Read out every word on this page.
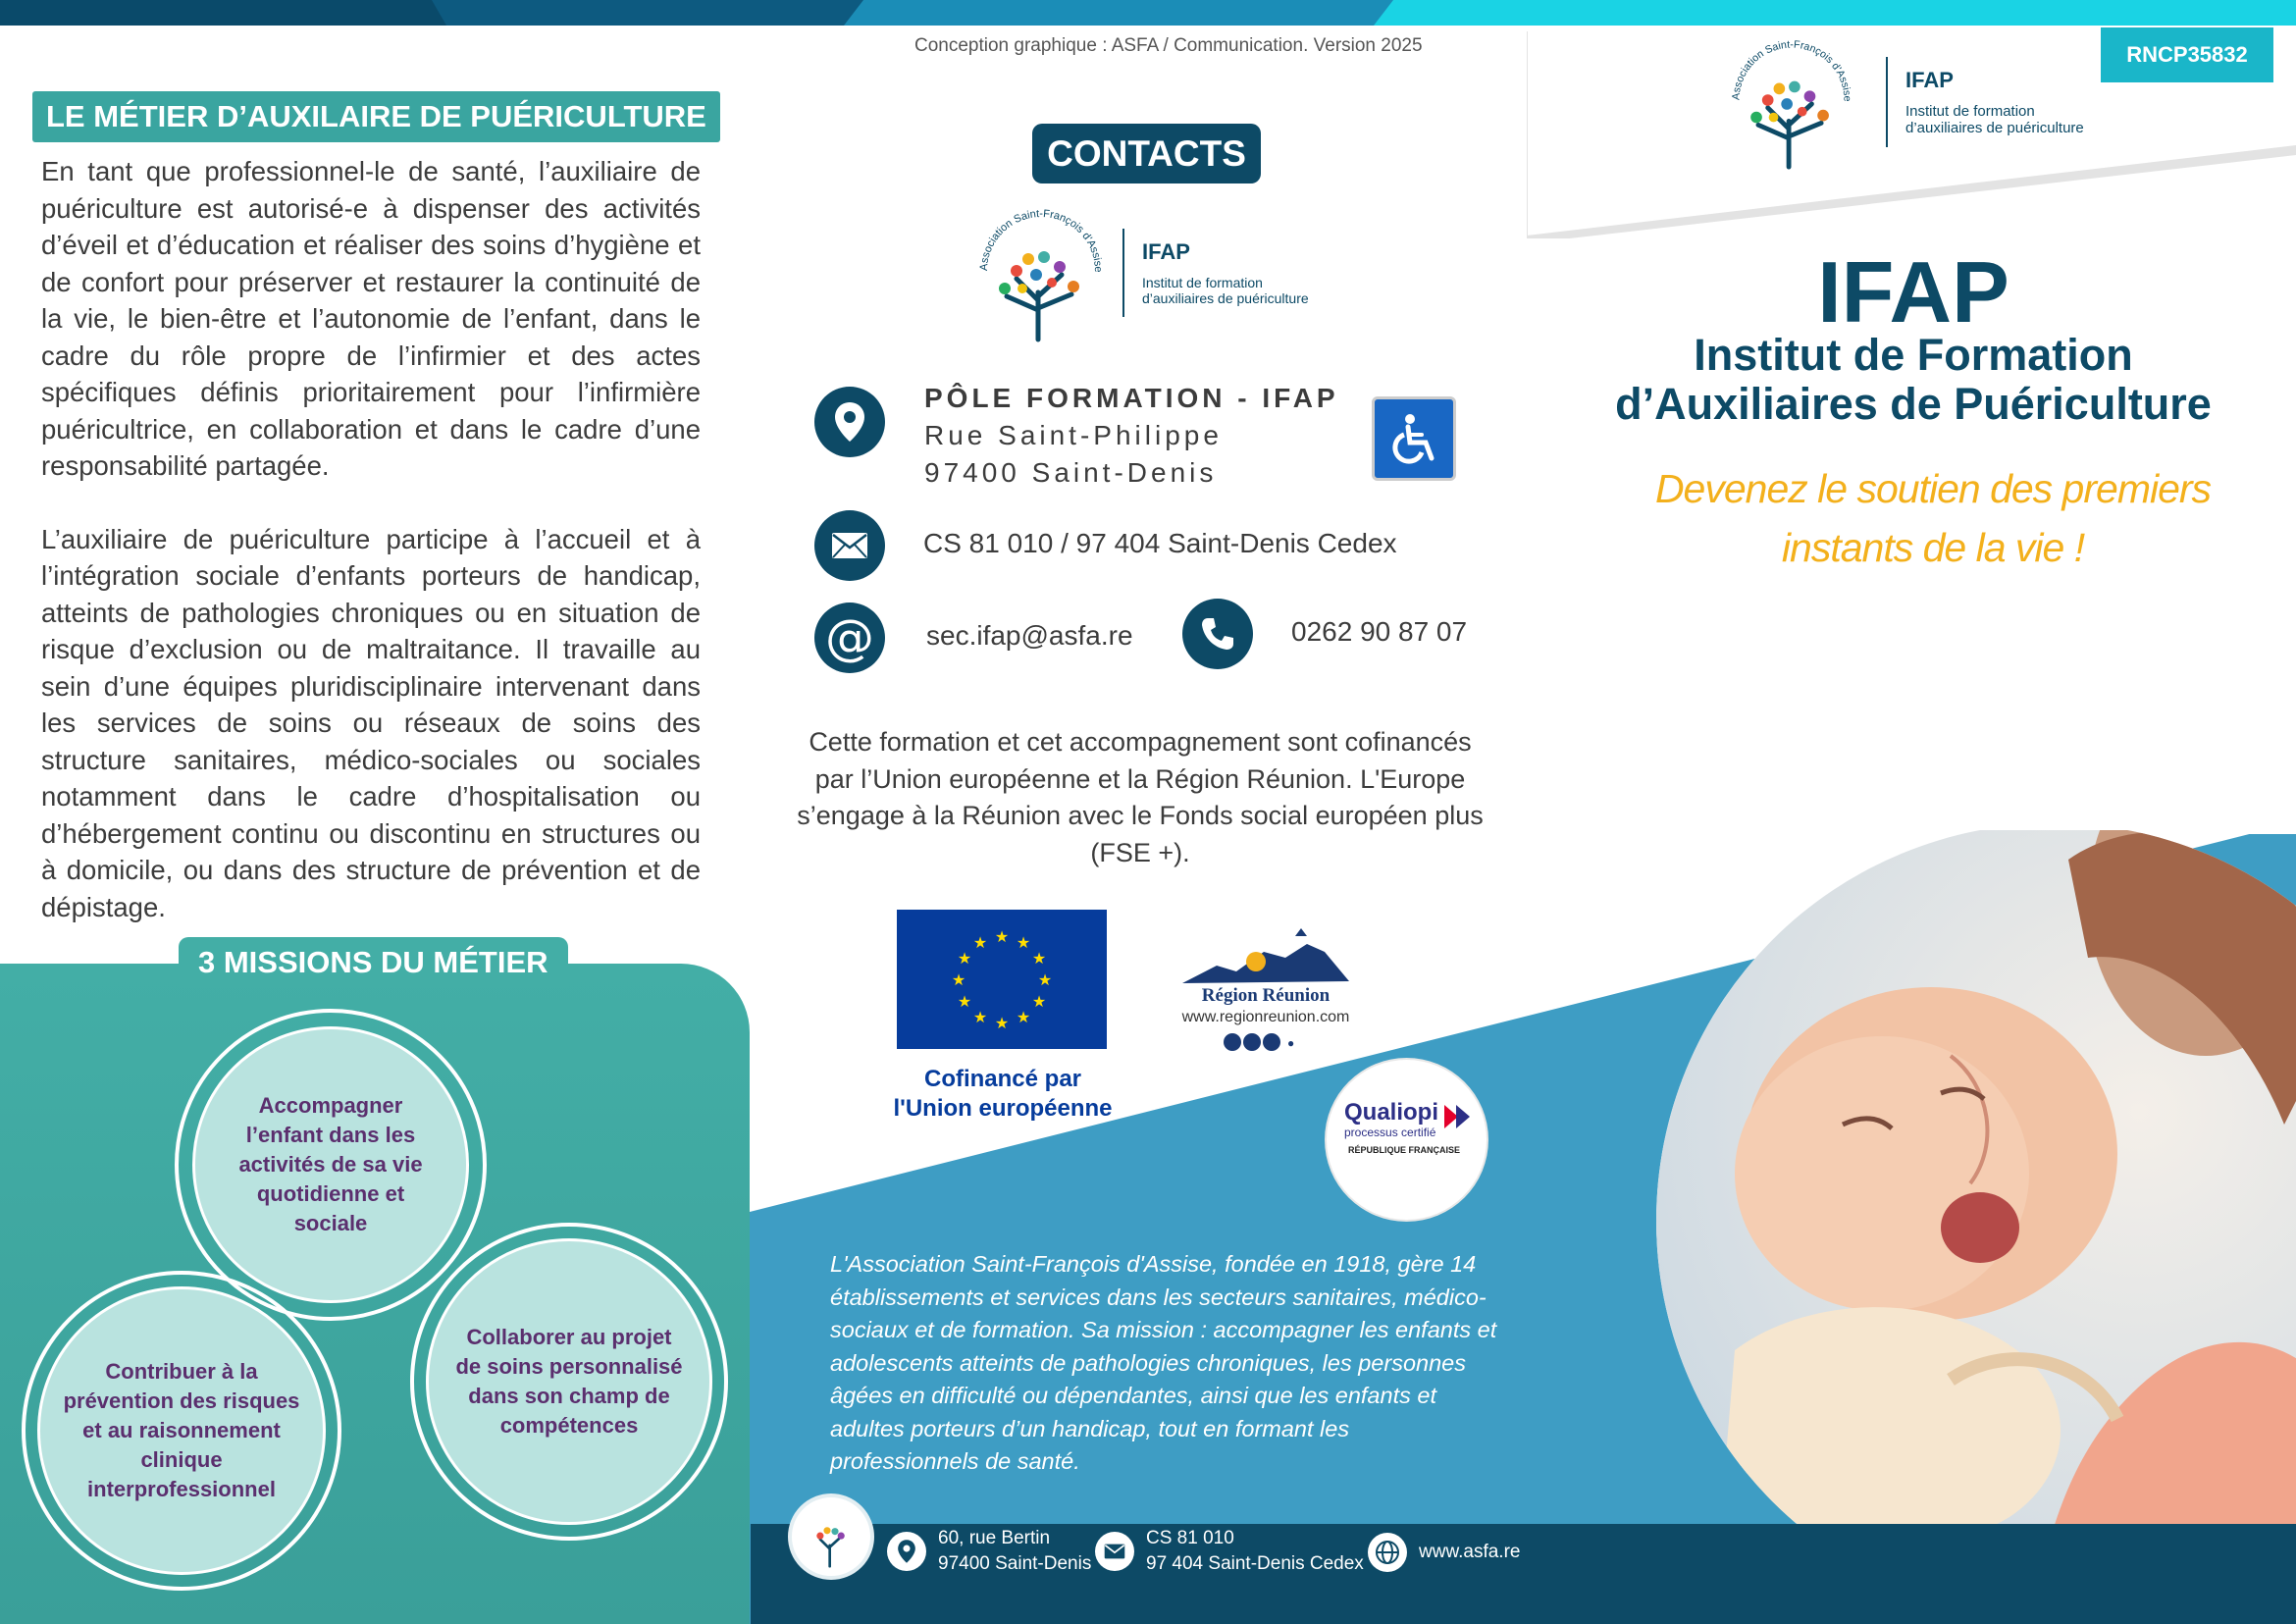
Conception graphique : ASFA / Communication. Version 2025
LE MÉTIER D’AUXILAIRE DE PUÉRICULTURE

En tant que professionnel-le de santé, l’auxiliaire de puériculture est autorisé-e à dispenser des activités d’éveil et d’éducation et réaliser des soins d’hygiène et de confort pour préserver et restaurer la continuité de la vie, le bien-être et l’autonomie de l’enfant, dans le cadre du rôle propre de l’infirmier et des actes spécifiques définis prioritairement pour l’infirmière puéricultrice, en collaboration et dans le cadre d’une responsabilité partagée.

L’auxiliaire de puériculture participe à l’accueil et à l’intégration sociale d’enfants porteurs de handicap, atteints de pathologies chroniques ou en situation de risque d’exclusion ou de maltraitance. Il travaille au sein d’une équipes pluridisciplinaire intervenant dans les services de soins ou réseaux de soins des structure sanitaires, médico-sociales ou sociales notamment dans le cadre d’hospitalisation ou d’hébergement continu ou discontinu en structures ou à domicile, ou dans des structure de prévention et de dépistage.

3 MISSIONS DU MÉTIER
Accompagner l’enfant dans les activités de sa vie quotidienne et sociale
Collaborer au projet de soins personnalisé dans son champ de compétences
Contribuer à la prévention des risques et au raisonnement clinique interprofessionnel
CONTACTS
Association Saint-François d'Assise
IFAP
Institut de formation
d’auxiliaires de puériculture
PÔLE FORMATION - IFAP
Rue Saint-Philippe
97400 Saint-Denis
CS 81 010 / 97 404 Saint-Denis Cedex
@ sec.ifap@asfa.re	0262 90 87 07
Cette formation et cet accompagnement sont cofinancés par l’Union européenne et la Région Réunion. L'Europe s’engage à la Réunion avec le Fonds social européen plus (FSE +).
★ ★
★
★
★
★
★
★
★
★
★
★
Cofinancé par
l'Union européenne
●
Région Réunion
www.regionreunion.com
Qualiopi
processus certifié
RÉPUBLIQUE FRANÇAISE
L'Association Saint-François d'Assise, fondée en 1918, gère 14 établissements et services dans les secteurs sanitaires, médico-sociaux et de formation. Sa mission : accompagner les enfants et adolescents atteints de pathologies chroniques, les personnes âgées en difficulté ou dépendantes, ainsi que les enfants et adultes porteurs d’un handicap, tout en formant les professionnels de santé.
RNCP35832
Association Saint-François d'Assise
IFAP
Institut de formation
d’auxiliaires de puériculture
IFAP
Institut de Formation
d’Auxiliaires de Puériculture
Devenez le soutien des premiers
instants de la vie !
60, rue Bertin
97400 Saint-Denis
CS 81 010
97 404 Saint-Denis Cedex
www.asfa.re
